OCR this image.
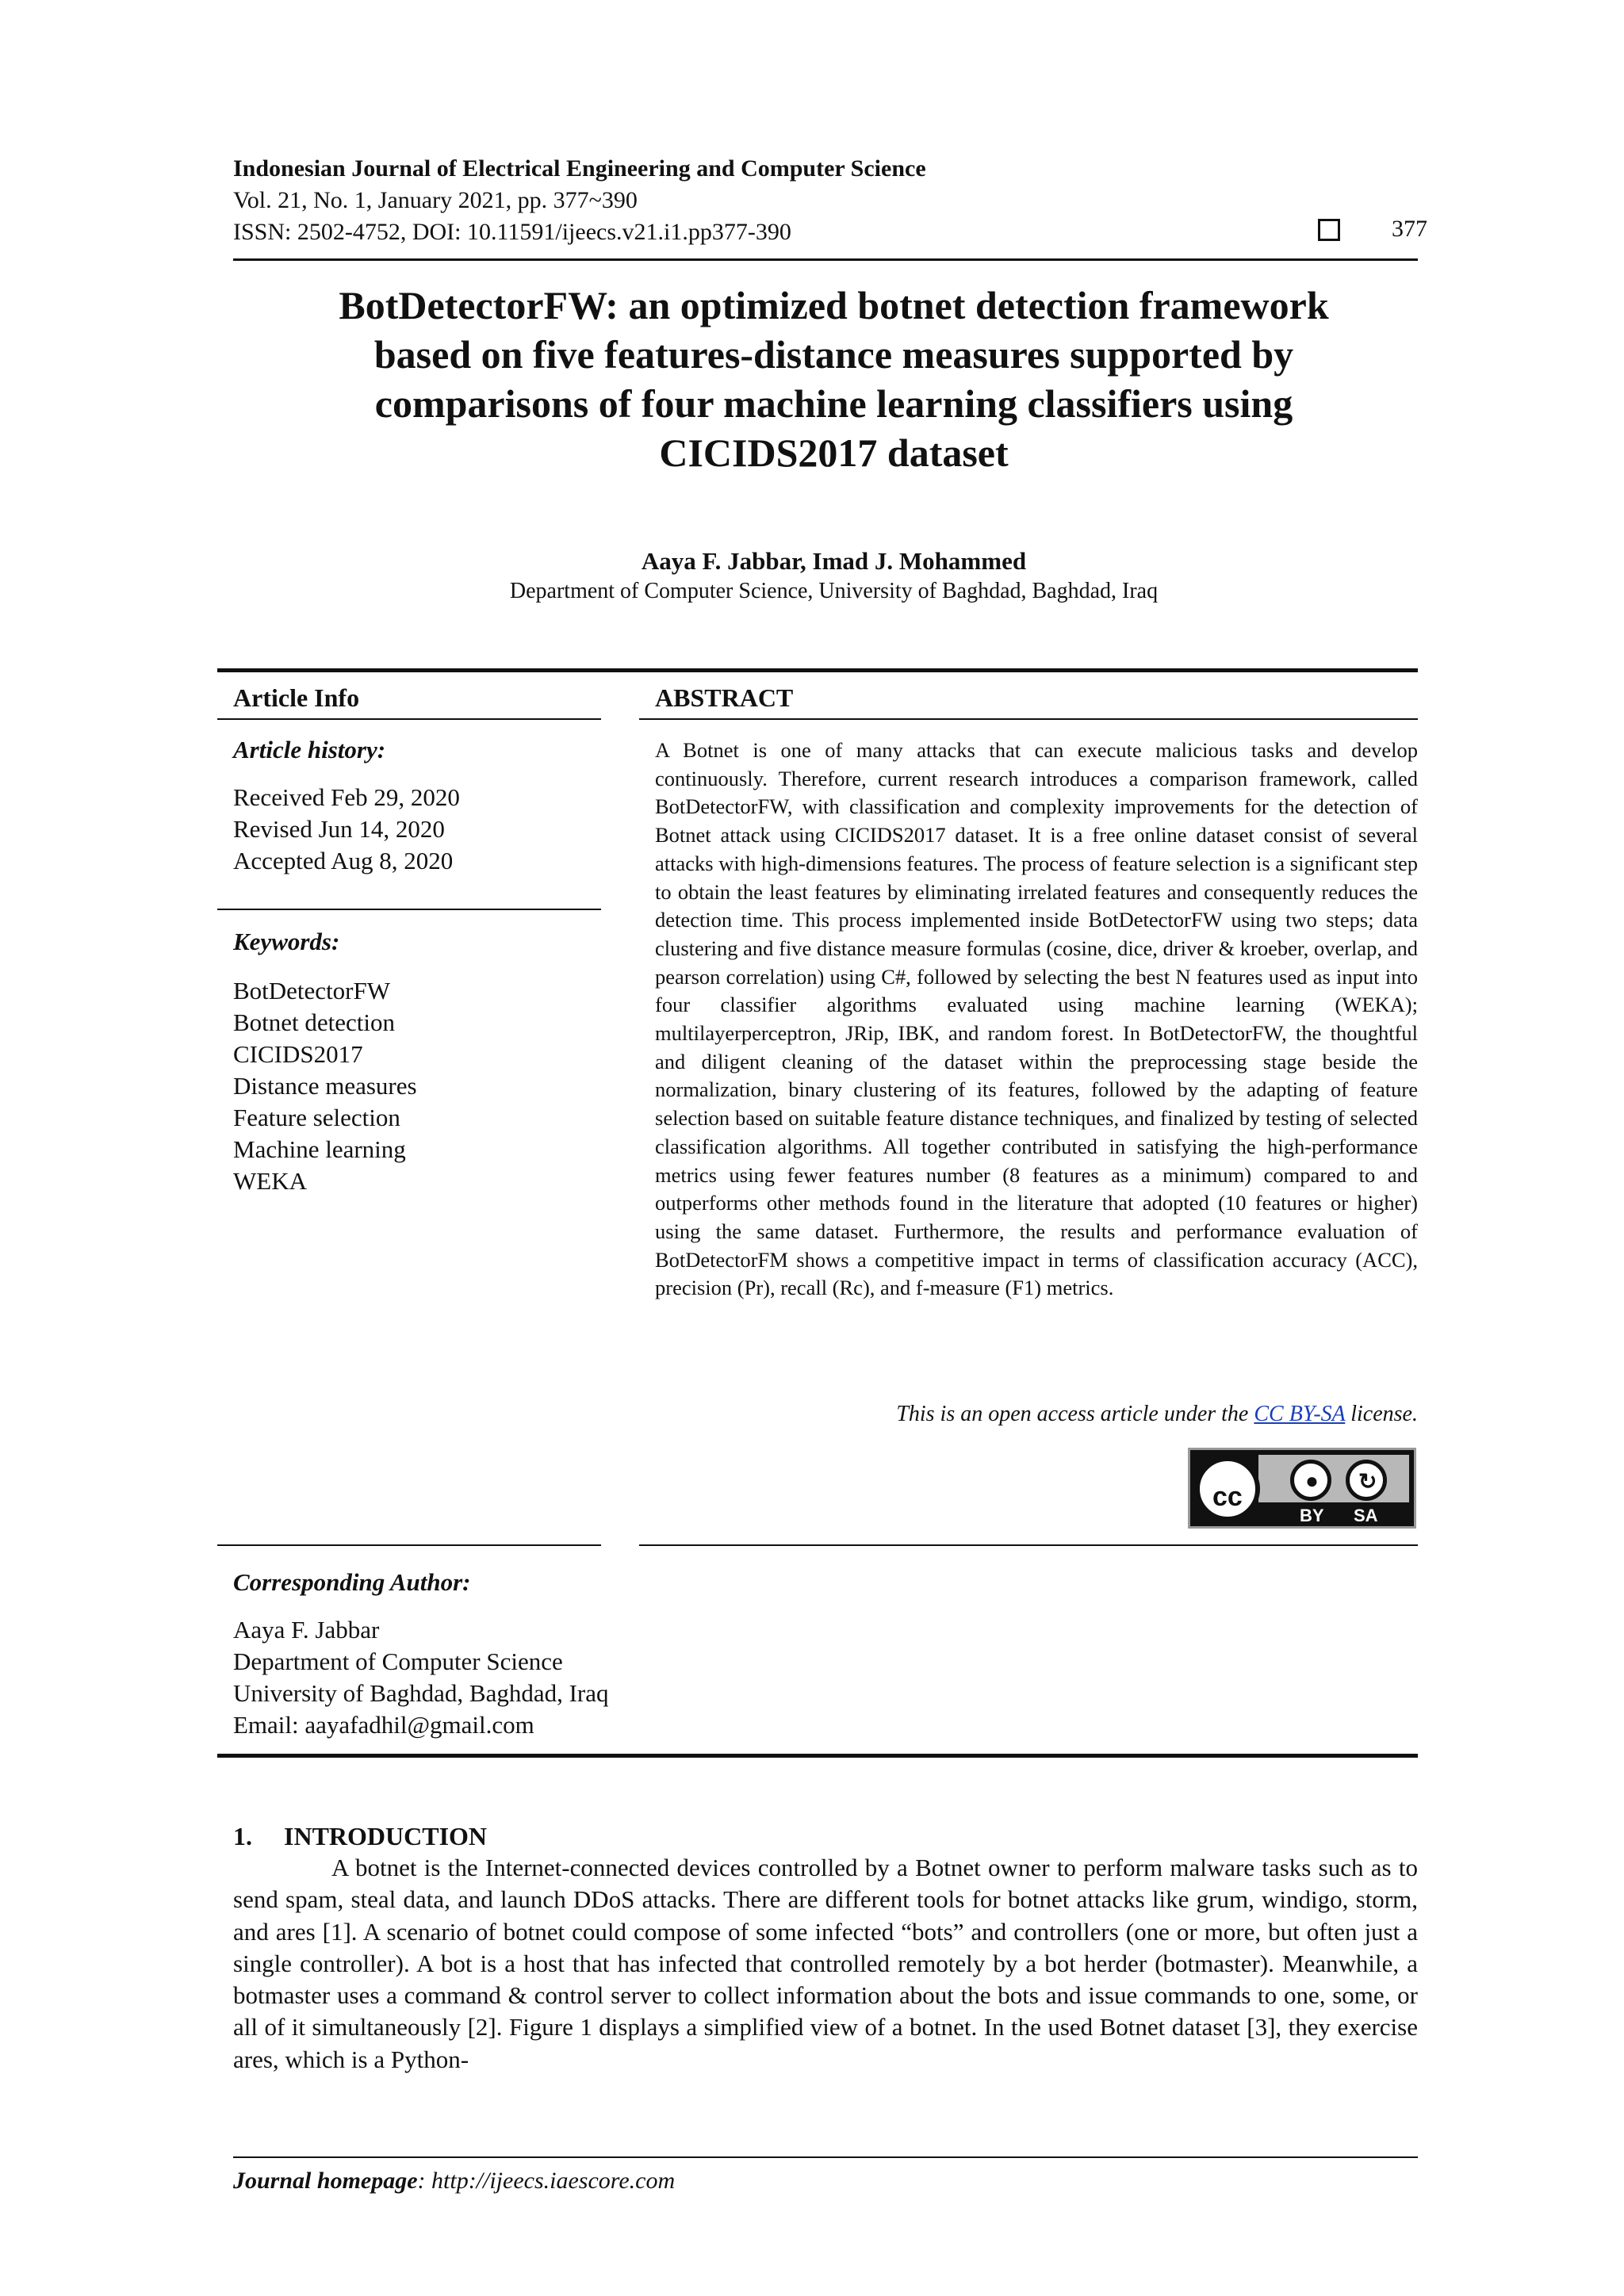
Indonesian Journal of Electrical Engineering and Computer Science
Vol. 21, No. 1, January 2021, pp. 377~390
ISSN: 2502-4752, DOI: 10.11591/ijeecs.v21.i1.pp377-390	377
BotDetectorFW: an optimized botnet detection framework
based on five features-distance measures supported by
comparisons of four machine learning classifiers using
CICIDS2017 dataset
Aaya F. Jabbar, Imad J. Mohammed
Department of Computer Science, University of Baghdad, Baghdad, Iraq
Article Info	ABSTRACT
Article history:
Received Feb 29, 2020
Revised Jun 14, 2020
Accepted Aug 8, 2020
Keywords:
BotDetectorFW
Botnet detection
CICIDS2017
Distance measures
Feature selection
Machine learning
WEKA
A Botnet is one of many attacks that can execute malicious tasks and develop continuously. Therefore, current research introduces a comparison framework, called BotDetectorFW, with classification and complexity improvements for the detection of Botnet attack using CICIDS2017 dataset. It is a free online dataset consist of several attacks with high-dimensions features. The process of feature selection is a significant step to obtain the least features by eliminating irrelated features and consequently reduces the detection time. This process implemented inside BotDetectorFW using two steps; data clustering and five distance measure formulas (cosine, dice, driver & kroeber, overlap, and pearson correlation) using C#, followed by selecting the best N features used as input into four classifier algorithms evaluated using machine learning (WEKA); multilayerperceptron, JRip, IBK, and random forest. In BotDetectorFW, the thoughtful and diligent cleaning of the dataset within the preprocessing stage beside the normalization, binary clustering of its features, followed by the adapting of feature selection based on suitable feature distance techniques, and finalized by testing of selected classification algorithms. All together contributed in satisfying the high-performance metrics using fewer features number (8 features as a minimum) compared to and outperforms other methods found in the literature that adopted (10 features or higher) using the same dataset. Furthermore, the results and performance evaluation of BotDetectorFM shows a competitive impact in terms of classification accuracy (ACC), precision (Pr), recall (Rc), and f-measure (F1) metrics.
This is an open access article under the CC BY-SA license.
cc
● ↻
BY SA
Corresponding Author:
Aaya F. Jabbar
Department of Computer Science
University of Baghdad, Baghdad, Iraq
Email: aayafadhil@gmail.com
1.     INTRODUCTION

A botnet is the Internet-connected devices controlled by a Botnet owner to perform malware tasks such as to send spam, steal data, and launch DDoS attacks. There are different tools for botnet attacks like grum, windigo, storm, and ares [1]. A scenario of botnet could compose of some infected “bots” and controllers (one or more, but often just a single controller). A bot is a host that has infected that controlled remotely by a bot herder (botmaster). Meanwhile, a botmaster uses a command & control server to collect information about the bots and issue commands to one, some, or all of it simultaneously [2]. Figure 1 displays a simplified view of a botnet. In the used Botnet dataset [3], they exercise ares, which is a Python-

Journal homepage: http://ijeecs.iaescore.com
